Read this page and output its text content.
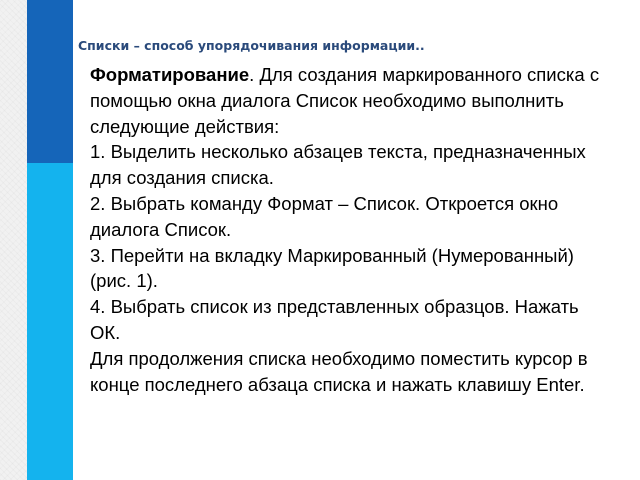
Списки – способ упорядочивания информации..

Форматирование. Для создания маркированного списка с помощью окна диалога Список необходимо выполнить следующие действия:

1. Выделить несколько абзацев текста, предназначенных для создания списка.

2. Выбрать команду Формат – Список. Откроется окно диалога Список.

3. Перейти на вкладку Маркированный (Нумерованный) (рис. 1).

4. Выбрать список из представленных образцов. Нажать ОК.

Для продолжения списка необходимо поместить курсор в конце последнего абзаца списка и нажать клавишу Enter.
